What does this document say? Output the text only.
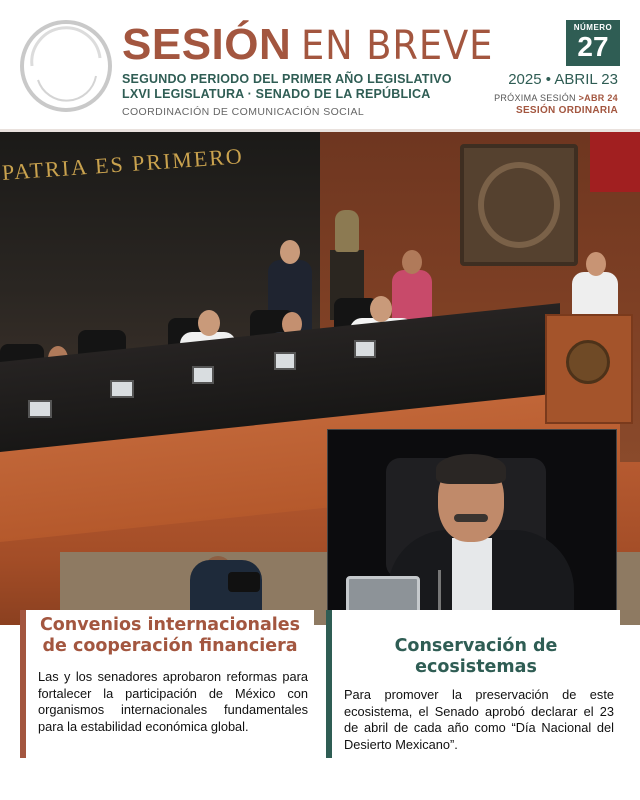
SESIÓN EN BREVE	NÚMERO
27
SEGUNDO PERIODO DEL PRIMER AÑO LEGISLATIVO
LXVI LEGISLATURA · SENADO DE LA REPÚBLICA
COORDINACIÓN DE COMUNICACIÓN SOCIAL
2025 • ABRIL 23
PRÓXIMA SESIÓN >ABR 24
SESIÓN ORDINARIA
PATRIA ES PRIMERO
Convenios internacionales de cooperación financiera

Las y los senadores aprobaron reformas para fortalecer la participación de México con organismos internacionales fundamentales para la estabilidad económica global.

Conservación de ecosistemas

Para promover la preservación de este ecosistema, el Senado aprobó declarar el 23 de abril de cada año como “Día Nacional del Desierto Mexicano”.
